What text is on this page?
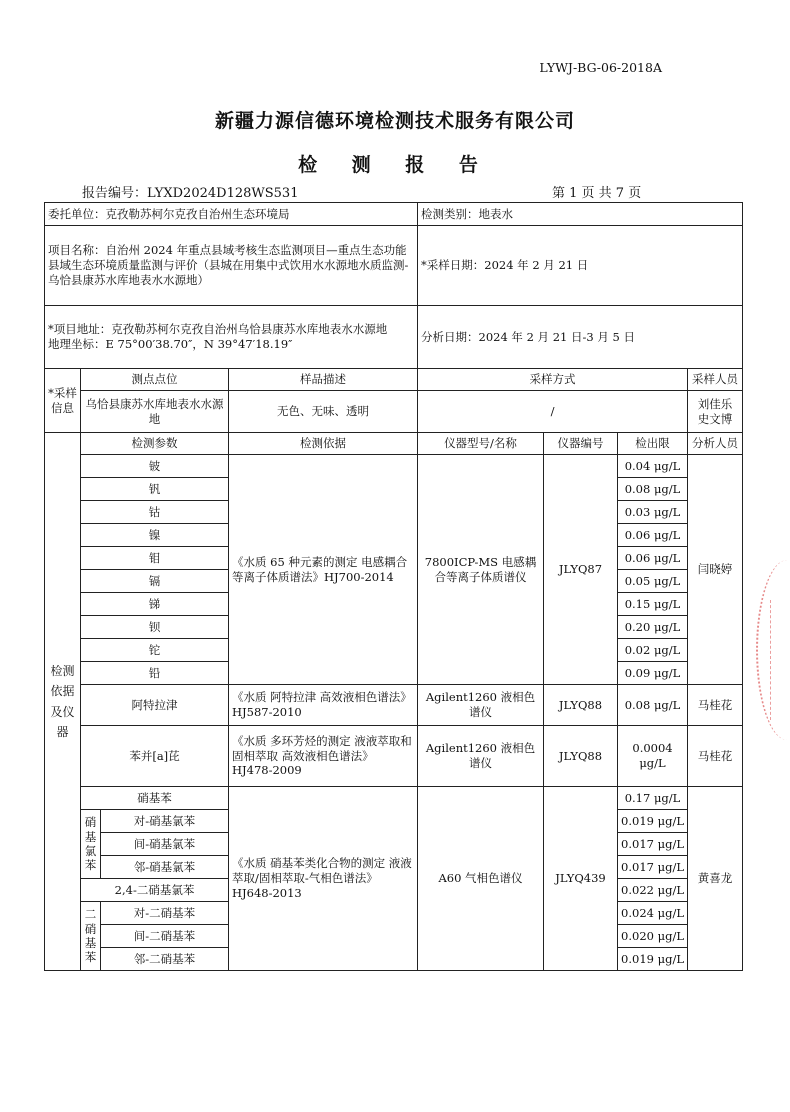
LYWJ-BG-06-2018A
新疆力源信德环境检测技术服务有限公司
检 测 报 告
报告编号：LYXD2024D128WS531	第 1 页 共 7 页
委托单位：克孜勒苏柯尔克孜自治州生态环境局				检测类别：地表水			
项目名称：自治州 2024 年重点县域考核生态监测项目—重点生态功能县域生态环境质量监测与评价（县城在用集中式饮用水水源地水质监测-乌恰县康苏水库地表水水源地）				*采样日期：2024 年 2 月 21 日			

*项目地址：克孜勒苏柯尔克孜自治州乌恰县康苏水库地表水水源地
地理坐标：E 75°00′38.70″，N 39°47′18.19″				分析日期：2024 年 2 月 21 日-3 月 5 日			
*采样信息	测点点位		样品描述	采样方式			采样人员
	乌恰县康苏水库地表水水源地		无色、无味、透明	/			刘佳乐 史文博
检测依据及仪器	检测参数		检测依据	仪器型号/名称	仪器编号	检出限	分析人员
	铍		《水质 65 种元素的测定 电感耦合等离子体质谱法》HJ700-2014	7800ICP-MS 电感耦合等离子体质谱仪	JLYQ87	0.04 μg/L	闫晓婷
	钒					0.08 μg/L	
	钴					0.03 μg/L	
	镍					0.06 μg/L	
	钼					0.06 μg/L	
	镉					0.05 μg/L	
	锑					0.15 μg/L	
	钡					0.20 μg/L	
	铊					0.02 μg/L	
	铅					0.09 μg/L	
	阿特拉津		《水质 阿特拉津 高效液相色谱法》HJ587-2010	Agilent1260 液相色谱仪	JLYQ88	0.08 μg/L	马桂花
	苯并[a]芘		《水质 多环芳烃的测定 液液萃取和固相萃取 高效液相色谱法》HJ478-2009	Agilent1260 液相色谱仪	JLYQ88	0.0004 μg/L	马桂花
	硝基苯		《水质 硝基苯类化合物的测定 液液萃取/固相萃取-气相色谱法》HJ648-2013	A60 气相色谱仪	JLYQ439	0.17 μg/L	黄喜龙
	硝基氯苯	对-硝基氯苯				0.019 μg/L	
		间-硝基氯苯				0.017 μg/L	
		邻-硝基氯苯				0.017 μg/L	
	2,4-二硝基氯苯					0.022 μg/L	
	二硝基苯	对-二硝基苯				0.024 μg/L	
		间-二硝基苯				0.020 μg/L	
		邻-二硝基苯				0.019 μg/L	
